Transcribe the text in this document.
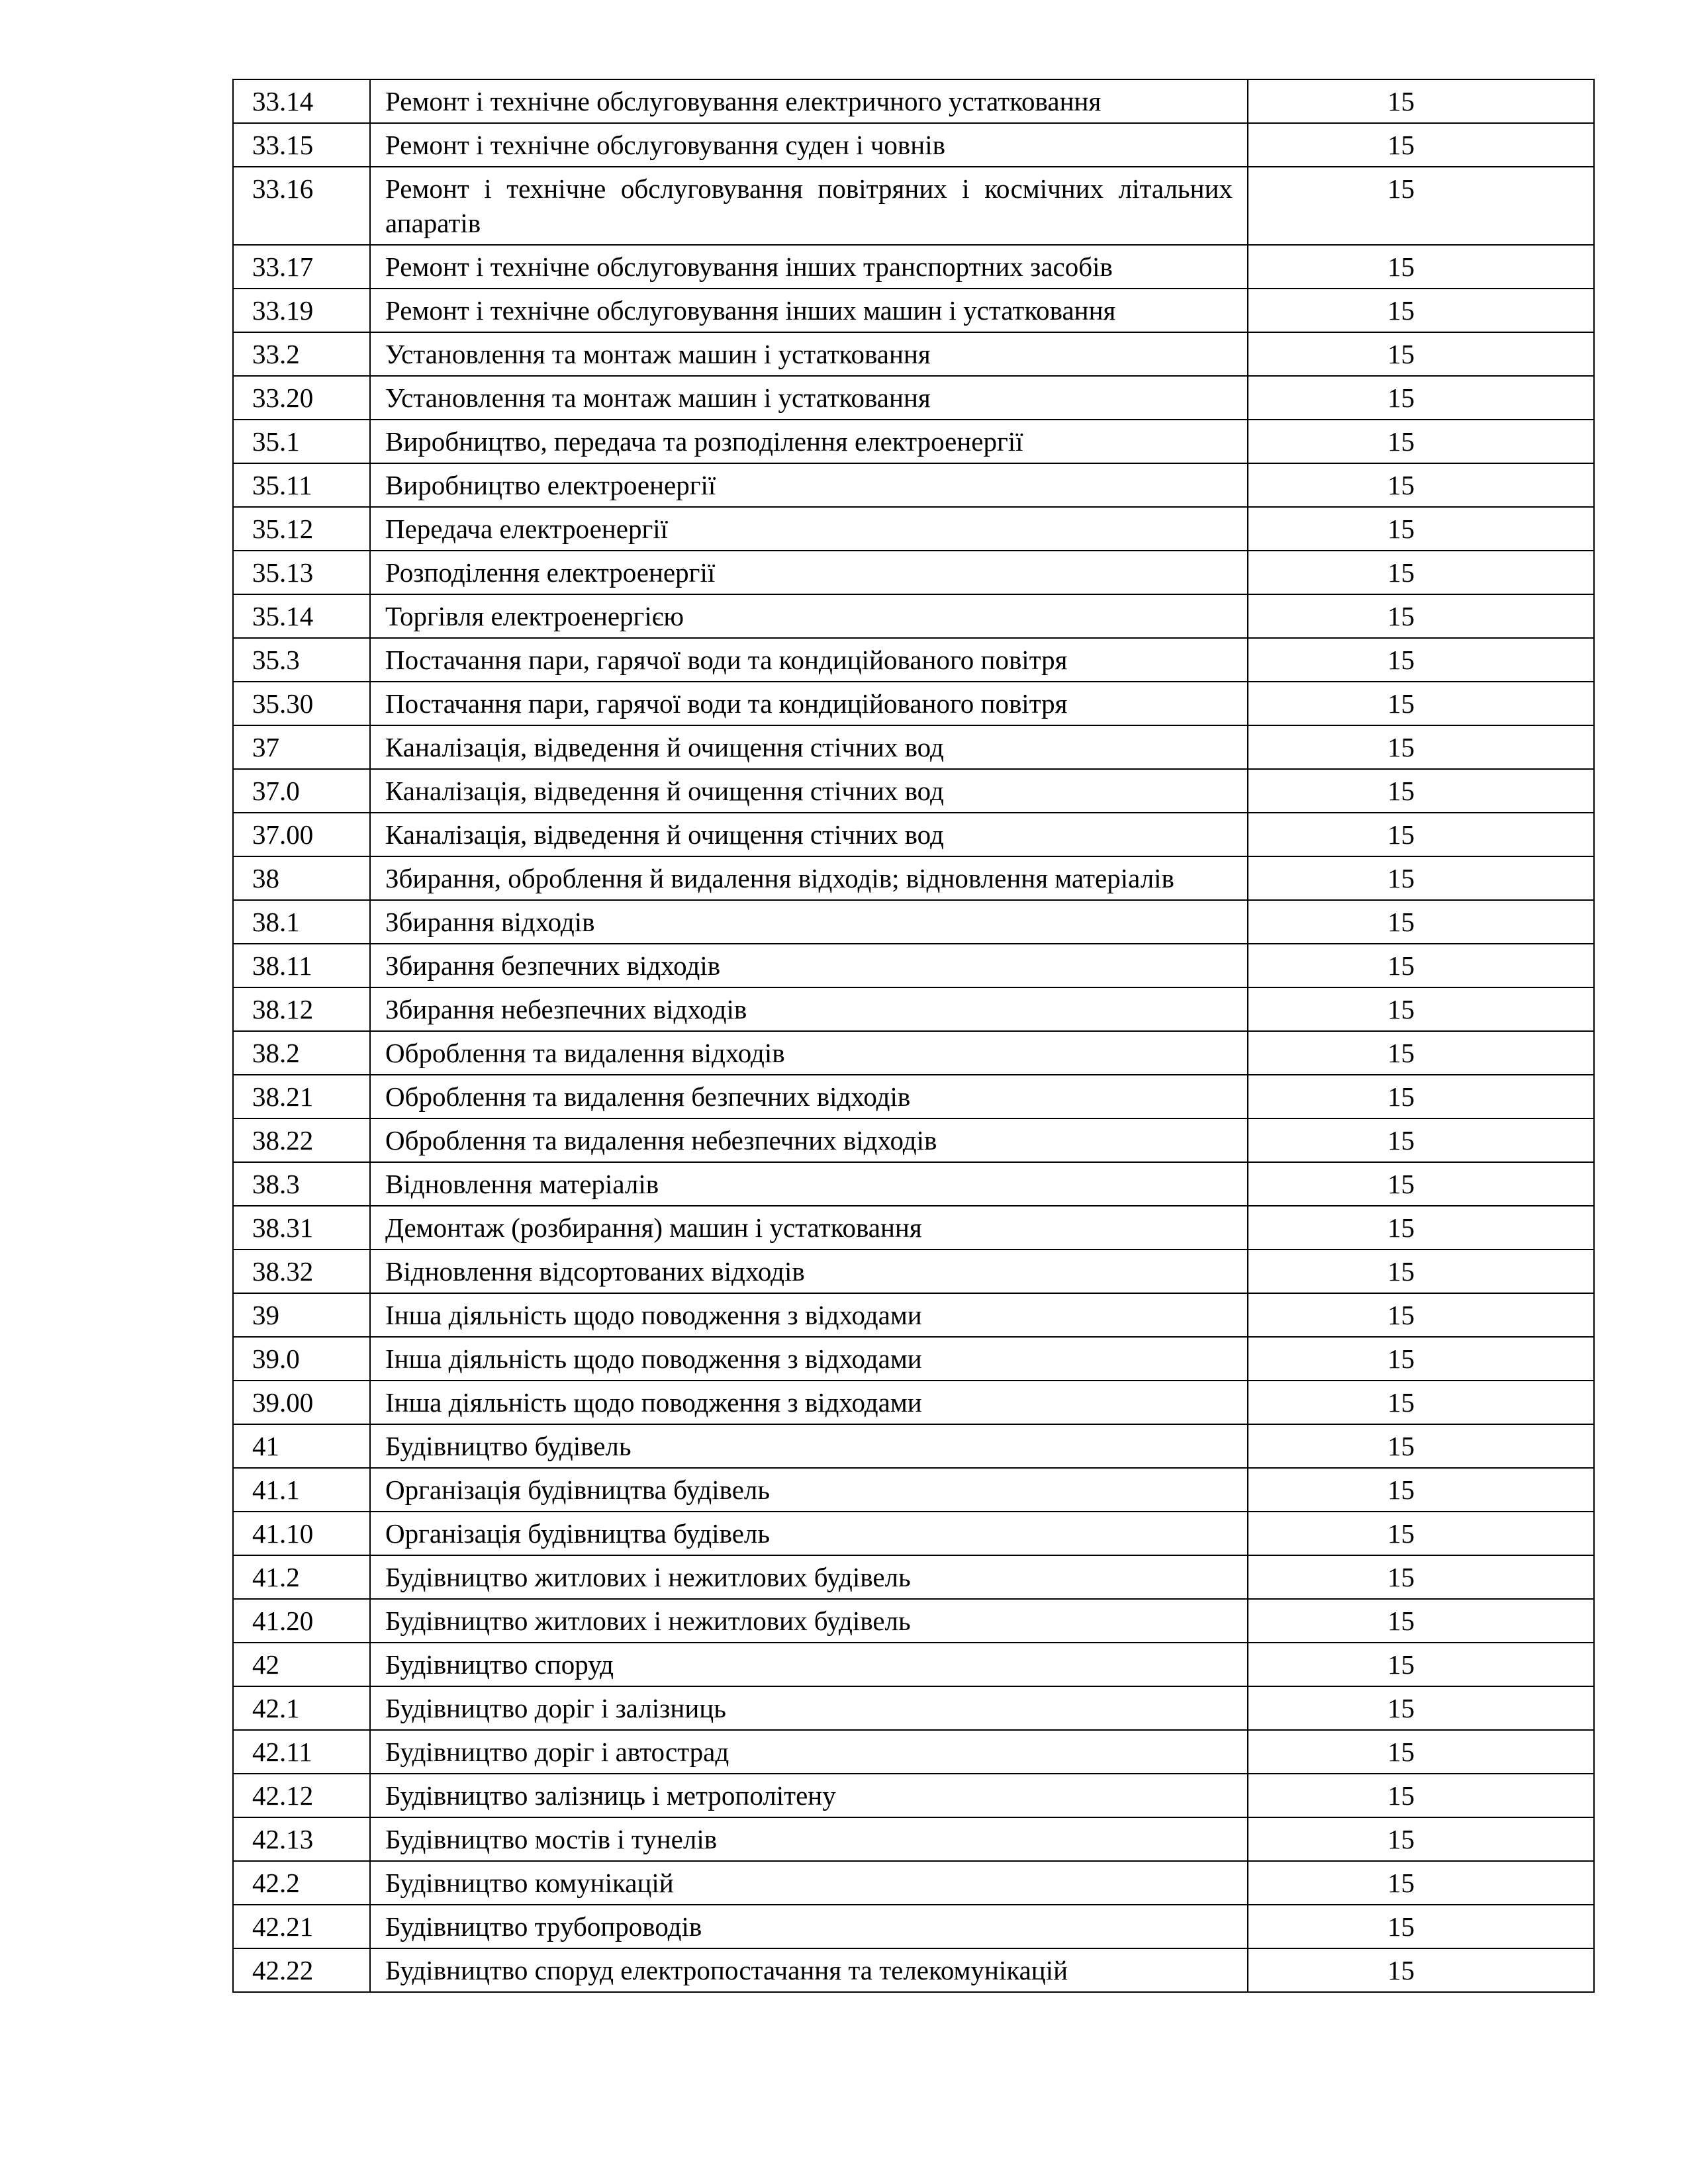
33.14	Ремонт і технічне обслуговування електричного устатковання	15
33.15	Ремонт і технічне обслуговування суден і човнів	15
33.16	Ремонт і технічне обслуговування повітряних і космічних літальних апаратів	15
33.17	Ремонт і технічне обслуговування інших транспортних засобів	15
33.19	Ремонт і технічне обслуговування інших машин і устатковання	15
33.2	Установлення та монтаж машин і устатковання	15
33.20	Установлення та монтаж машин і устатковання	15
35.1	Виробництво, передача та розподілення електроенергії	15
35.11	Виробництво електроенергії	15
35.12	Передача електроенергії	15
35.13	Розподілення електроенергії	15
35.14	Торгівля електроенергією	15
35.3	Постачання пари, гарячої води та кондиційованого повітря	15
35.30	Постачання пари, гарячої води та кондиційованого повітря	15
37	Каналізація, відведення й очищення стічних вод	15
37.0	Каналізація, відведення й очищення стічних вод	15
37.00	Каналізація, відведення й очищення стічних вод	15
38	Збирання, оброблення й видалення відходів; відновлення матеріалів	15
38.1	Збирання відходів	15
38.11	Збирання безпечних відходів	15
38.12	Збирання небезпечних відходів	15
38.2	Оброблення та видалення відходів	15
38.21	Оброблення та видалення безпечних відходів	15
38.22	Оброблення та видалення небезпечних відходів	15
38.3	Відновлення матеріалів	15
38.31	Демонтаж (розбирання) машин і устатковання	15
38.32	Відновлення відсортованих відходів	15
39	Інша діяльність щодо поводження з відходами	15
39.0	Інша діяльність щодо поводження з відходами	15
39.00	Інша діяльність щодо поводження з відходами	15
41	Будівництво будівель	15
41.1	Організація будівництва будівель	15
41.10	Організація будівництва будівель	15
41.2	Будівництво житлових і нежитлових будівель	15
41.20	Будівництво житлових і нежитлових будівель	15
42	Будівництво споруд	15
42.1	Будівництво доріг і залізниць	15
42.11	Будівництво доріг і автострад	15
42.12	Будівництво залізниць і метрополітену	15
42.13	Будівництво мостів і тунелів	15
42.2	Будівництво комунікацій	15
42.21	Будівництво трубопроводів	15
42.22	Будівництво споруд електропостачання та телекомунікацій	15
